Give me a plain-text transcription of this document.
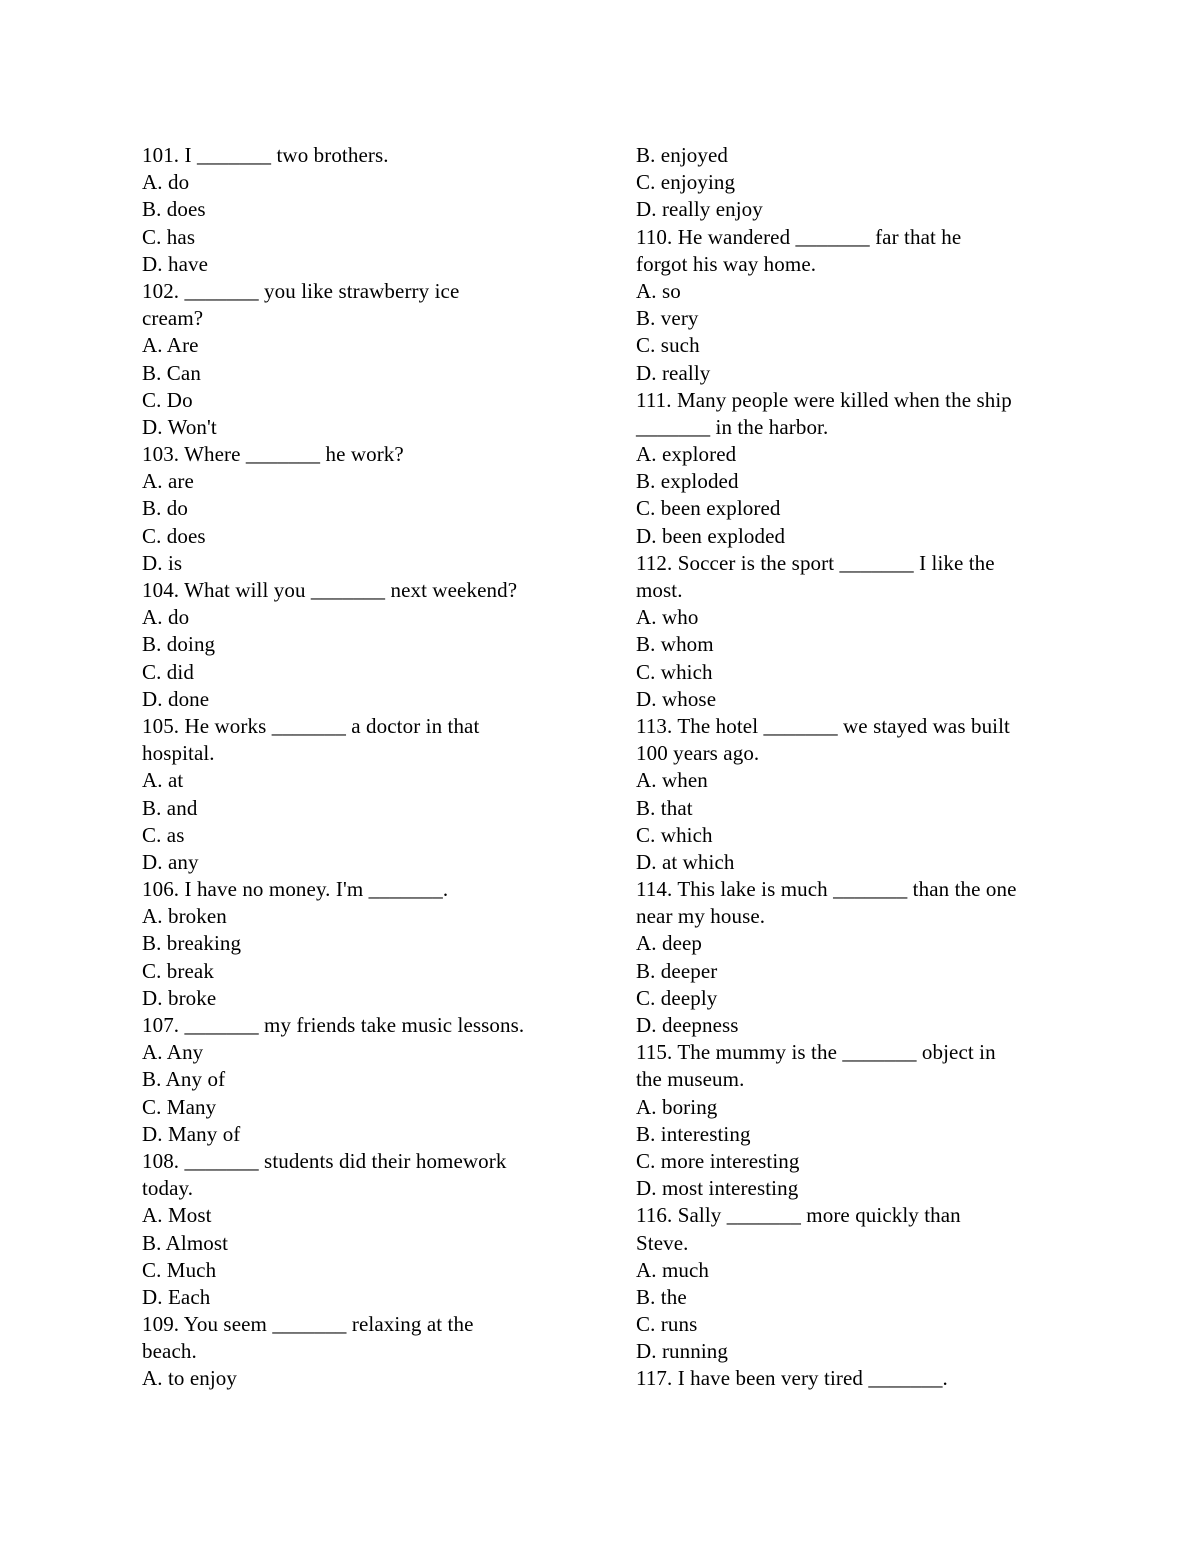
101. I _______ two brothers.
A. do
B. does
C. has
D. have
102. _______ you like strawberry ice
cream?
A. Are
B. Can
C. Do
D. Won't
103. Where _______ he work?
A. are
B. do
C. does
D. is
104. What will you _______ next weekend?
A. do
B. doing
C. did
D. done
105. He works _______ a doctor in that
hospital.
A. at
B. and
C. as
D. any
106. I have no money. I'm _______.
A. broken
B. breaking
C. break
D. broke
107. _______ my friends take music lessons.
A. Any
B. Any of
C. Many
D. Many of
108. _______ students did their homework
today.
A. Most
B. Almost
C. Much
D. Each
109. You seem _______ relaxing at the
beach.
A. to enjoy
B. enjoyed
C. enjoying
D. really enjoy
110. He wandered _______ far that he
forgot his way home.
A. so
B. very
C. such
D. really
111. Many people were killed when the ship
_______ in the harbor.
A. explored
B. exploded
C. been explored
D. been exploded
112. Soccer is the sport _______ I like the
most.
A. who
B. whom
C. which
D. whose
113. The hotel _______ we stayed was built
100 years ago.
A. when
B. that
C. which
D. at which
114. This lake is much _______ than the one
near my house.
A. deep
B. deeper
C. deeply
D. deepness
115. The mummy is the _______ object in
the museum.
A. boring
B. interesting
C. more interesting
D. most interesting
116. Sally _______ more quickly than
Steve.
A. much
B. the
C. runs
D. running
117. I have been very tired _______.
